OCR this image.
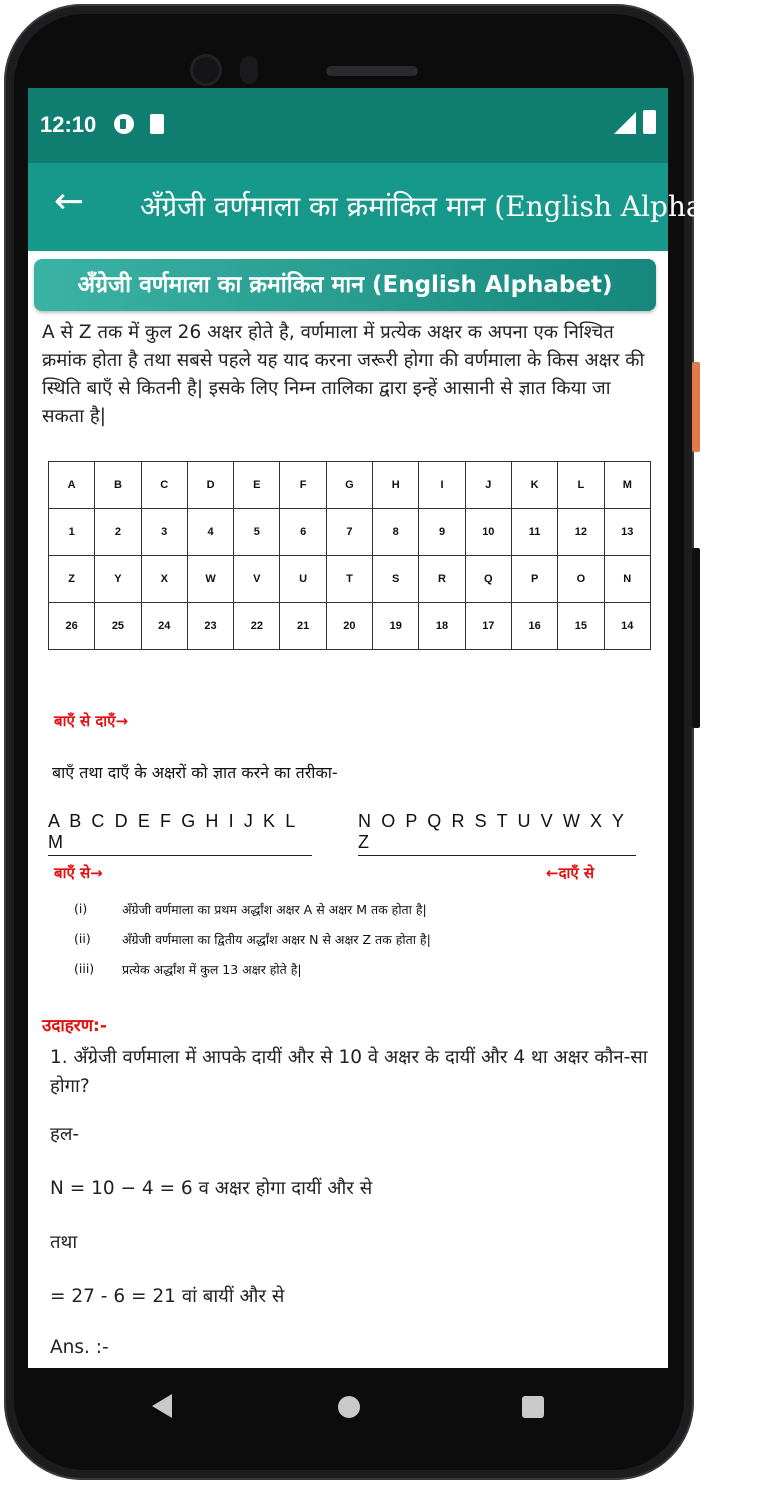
12:10
← अँग्रेजी वर्णमाला का क्रमांकित मान (English Alphabet)
अँग्रेजी वर्णमाला का क्रमांकित मान (English Alphabet)
A से Z तक में कुल 26 अक्षर होते है, वर्णमाला में प्रत्येक अक्षर क अपना एक निश्चित क्रमांक होता है तथा सबसे पहले यह याद करना जरूरी होगा की वर्णमाला के किस अक्षर की स्थिति बाएँ से कितनी है| इसके लिए निम्न तालिका द्वारा इन्हें आसानी से ज्ञात किया जा सकता है|
A	B	C	D	E	F	G	H	I	J	K	L	M
1	2	3	4	5	6	7	8	9	10	11	12	13
Z	Y	X	W	V	U	T	S	R	Q	P	O	N
26	25	24	23	22	21	20	19	18	17	16	15	14
बाएँ से दाएँ→
बाएँ तथा दाएँ के अक्षरों को ज्ञात करने का तरीका-
A B C D E F G H I J K L M
N O P Q R S T U V W X Y Z
बाएँ से→	←दाएँ से
(i)	अँग्रेजी वर्णमाला का प्रथम अर्द्धांश अक्षर A से अक्षर M तक होता है|
(ii)	अँग्रेजी वर्णमाला का द्वितीय अर्द्धांश अक्षर N से अक्षर Z तक होता है|
(iii) प्रत्येक अर्द्धांश में कुल 13 अक्षर होते है|
उदाहरण:-
1. अँग्रेजी वर्णमाला में आपके दायीं और से 10 वे अक्षर के दायीं और 4 था अक्षर कौन-सा होगा?
हल-
N = 10 − 4 = 6 व अक्षर होगा दायीं और से
तथा
= 27 - 6 = 21 वां बायीं और से
Ans. :-
